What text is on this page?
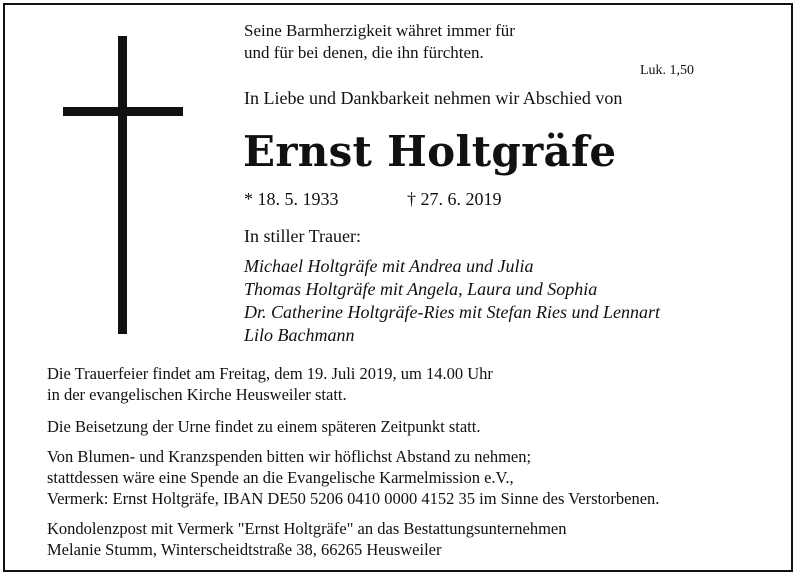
Seine Barmherzigkeit währet immer für
und für bei denen, die ihn fürchten.
Luk. 1,50
In Liebe und Dankbarkeit nehmen wir Abschied von
Ernst Holtgräfe
* 18. 5. 1933	† 27. 6. 2019
In stiller Trauer:
Michael Holtgräfe mit Andrea und Julia
Thomas Holtgräfe mit Angela, Laura und Sophia
Dr. Catherine Holtgräfe-Ries mit Stefan Ries und Lennart
Lilo Bachmann
Die Trauerfeier findet am Freitag, dem 19. Juli 2019, um 14.00 Uhr
in der evangelischen Kirche Heusweiler statt.
Die Beisetzung der Urne findet zu einem späteren Zeitpunkt statt.
Von Blumen- und Kranzspenden bitten wir höflichst Abstand zu nehmen;
stattdessen wäre eine Spende an die Evangelische Karmelmission e.V.,
Vermerk: Ernst Holtgräfe, IBAN DE50 5206 0410 0000 4152 35 im Sinne des Verstorbenen.
Kondolenzpost mit Vermerk "Ernst Holtgräfe" an das Bestattungsunternehmen
Melanie Stumm, Winterscheidtstraße 38, 66265 Heusweiler
